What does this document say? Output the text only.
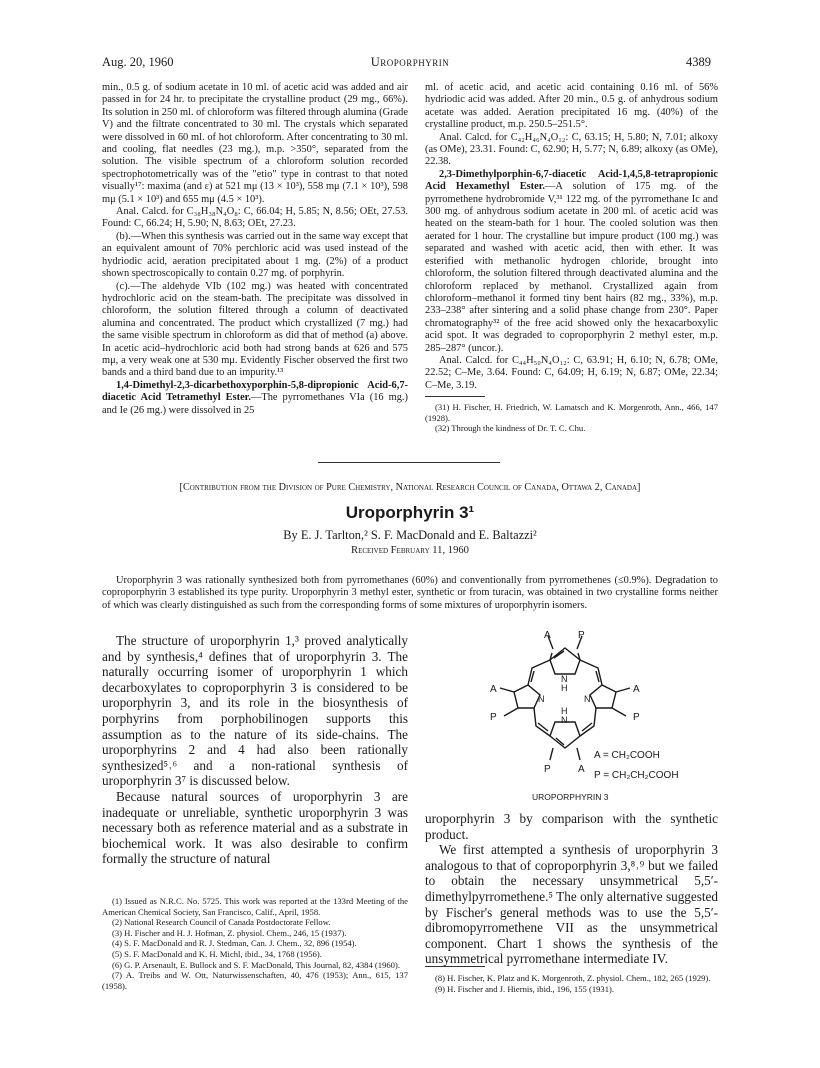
Aug. 20, 1960	Uroporphyrin	4389

min., 0.5 g. of sodium acetate in 10 ml. of acetic acid was added and air passed in for 24 hr. to precipitate the crystalline product (29 mg., 66%). Its solution in 250 ml. of chloroform was filtered through alumina (Grade V) and the filtrate concentrated to 30 ml. The crystals which separated were dissolved in 60 ml. of hot chloroform. After concentrating to 30 ml. and cooling, flat needles (23 mg.), m.p. >350°, separated from the solution. The visible spectrum of a chloroform solution recorded spectrophotometrically was of the "etio" type in contrast to that noted visually¹⁷: maxima (and ε) at 521 mμ (13 × 10³), 558 mμ (7.1 × 10³), 598 mμ (5.1 × 10³) and 655 mμ (4.5 × 10³).

Anal. Calcd. for C₃₈H₃₈N₄O₈: C, 66.04; H, 5.85; N, 8.56; OEt, 27.53. Found: C, 66.24; H, 5.90; N, 8.63; OEt, 27.23.

(b).—When this synthesis was carried out in the same way except that an equivalent amount of 70% perchloric acid was used instead of the hydriodic acid, aeration precipitated about 1 mg. (2%) of a product shown spectroscopically to contain 0.27 mg. of porphyrin.

(c).—The aldehyde VIb (102 mg.) was heated with concentrated hydrochloric acid on the steam-bath. The precipitate was dissolved in chloroform, the solution filtered through a column of deactivated alumina and concentrated. The product which crystallized (7 mg.) had the same visible spectrum in chloroform as did that of method (a) above. In acetic acid–hydrochloric acid both had strong bands at 626 and 575 mμ, a very weak one at 530 mμ. Evidently Fischer observed the first two bands and a third band due to an impurity.¹³

1,4-Dimethyl-2,3-dicarbethoxyporphin-5,8-dipropionic Acid-6,7-diacetic Acid Tetramethyl Ester.—The pyrromethanes VIa (16 mg.) and Ie (26 mg.) were dissolved in 25

ml. of acetic acid, and acetic acid containing 0.16 ml. of 56% hydriodic acid was added. After 20 min., 0.5 g. of anhydrous sodium acetate was added. Aeration precipitated 16 mg. (40%) of the crystalline product, m.p. 250.5–251.5°.

Anal. Calcd. for C₄₂H₄₆N₄O₁₂: C, 63.15; H, 5.80; N, 7.01; alkoxy (as OMe), 23.31. Found: C, 62.90; H, 5.77; N, 6.89; alkoxy (as OMe), 22.38.

2,3-Dimethylporphin-6,7-diacetic Acid-1,4,5,8-tetrapropionic Acid Hexamethyl Ester.—A solution of 175 mg. of the pyrromethene hydrobromide V,³¹ 122 mg. of the pyrromethane Ic and 300 mg. of anhydrous sodium acetate in 200 ml. of acetic acid was heated on the steam-bath for 1 hour. The cooled solution was then aerated for 1 hour. The crystalline but impure product (100 mg.) was separated and washed with acetic acid, then with ether. It was esterified with methanolic hydrogen chloride, brought into chloroform, the solution filtered through deactivated alumina and the chloroform replaced by methanol. Crystallized again from chloroform–methanol it formed tiny bent hairs (82 mg., 33%), m.p. 233–238° after sintering and a solid phase change from 230°. Paper chromatography³² of the free acid showed only the hexacarboxylic acid spot. It was degraded to coproporphyrin 2 methyl ester, m.p. 285–287° (uncor.).

Anal. Calcd. for C₄₄H₅₀N₄O₁₂: C, 63.91; H, 6.10; N, 6.78; OMe, 22.52; C–Me, 3.64. Found: C, 64.09; H, 6.19; N, 6.87; OMe, 22.34; C–Me, 3.19.

(31) H. Fischer, H. Friedrich, W. Lamatsch and K. Morgenroth, Ann., 466, 147 (1928).

(32) Through the kindness of Dr. T. C. Chu.

[Contribution from the Division of Pure Chemistry, National Research Council of Canada, Ottawa 2, Canada]
Uroporphyrin 3¹
By E. J. Tarlton,² S. F. MacDonald and E. Baltazzi²
Received February 11, 1960
Uroporphyrin 3 was rationally synthesized both from pyrromethanes (60%) and conventionally from pyrromethenes (≤0.9%). Degradation to coproporphyrin 3 established its type purity. Uroporphyrin 3 methyl ester, synthetic or from turacin, was obtained in two crystalline forms neither of which was clearly distinguished as such from the corresponding forms of some mixtures of uroporphyrin isomers.

The structure of uroporphyrin 1,³ proved analytically and by synthesis,⁴ defines that of uroporphyrin 3. The naturally occurring isomer of uroporphyrin 1 which decarboxylates to coproporphyrin 3 is considered to be uroporphyrin 3, and its role in the biosynthesis of porphyrins from porphobilinogen supports this assumption as to the nature of its side-chains. The uroporphyrins 2 and 4 had also been rationally synthesized⁵˒⁶ and a non-rational synthesis of uroporphyrin 3⁷ is discussed below.

Because natural sources of uroporphyrin 3 are inadequate or unreliable, synthetic uroporphyrin 3 was necessary both as reference material and as a substrate in biochemical work. It was also desirable to confirm formally the structure of natural

(1) Issued as N.R.C. No. 5725. This work was reported at the 133rd Meeting of the American Chemical Society, San Francisco, Calif., April, 1958.

(2) National Research Council of Canada Postdoctorate Fellow.

(3) H. Fischer and H. J. Hofman, Z. physiol. Chem., 246, 15 (1937).

(4) S. F. MacDonald and R. J. Stedman, Can. J. Chem., 32, 896 (1954).

(5) S. F. MacDonald and K. H. Michl, ibid., 34, 1768 (1956).

(6) G. P. Arsenault, E. Bullock and S. F. MacDonald, This Journal, 82, 4384 (1960).

(7) A. Treibs and W. Ott, Naturwissenschaften, 40, 476 (1953); Ann., 615, 137 (1958).

A	P
A
P
A
P
P	A
N
H
N	N
H
N
A = CH₂COOH
P = CH₂CH₂COOH
UROPORPHYRIN 3

uroporphyrin 3 by comparison with the synthetic product.

We first attempted a synthesis of uroporphyrin 3 analogous to that of coproporphyrin 3,⁸˒⁹ but we failed to obtain the necessary unsymmetrical 5,5′-dimethylpyrromethene.⁵ The only alternative suggested by Fischer's general methods was to use the 5,5′-dibromopyrromethene VII as the unsymmetrical component. Chart 1 shows the synthesis of the unsymmetrical pyrromethane intermediate IV.

(8) H. Fischer, K. Platz and K. Morgenroth, Z. physiol. Chem., 182, 265 (1929).

(9) H. Fischer and J. Hiernis, ibid., 196, 155 (1931).
